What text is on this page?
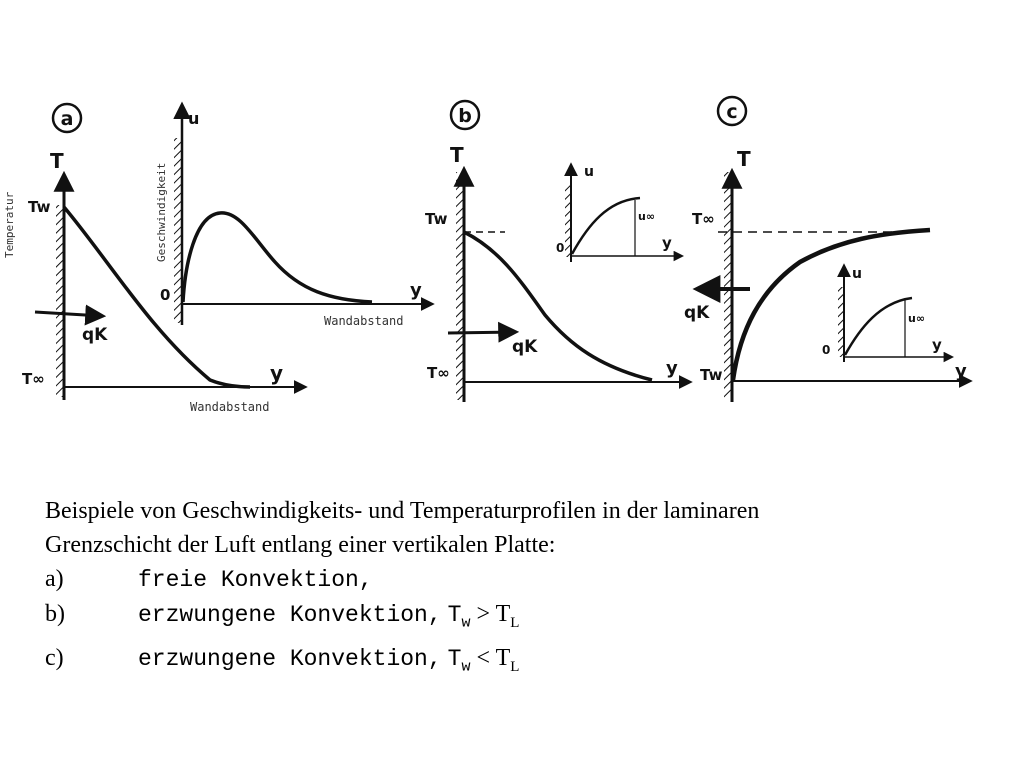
a
Temperatur
T
Tw
T∞
qK
y
Wandabstand
Geschwindigkeit
u
0	y
Wandabstand
b
T
Tw
T∞
qK
y
u
0	y
u∞
c
T
T∞
Tw
qK
y
u
0	y
u∞
Beispiele von Geschwindigkeits- und Temperaturprofilen in der laminaren
Grenzschicht der Luft entlang einer vertikalen Platte:
a)	freie Konvektion,
b)	erzwungene Konvektion, $T_w > T_L$
c)	erzwungene Konvektion, $T_w < T_L$
